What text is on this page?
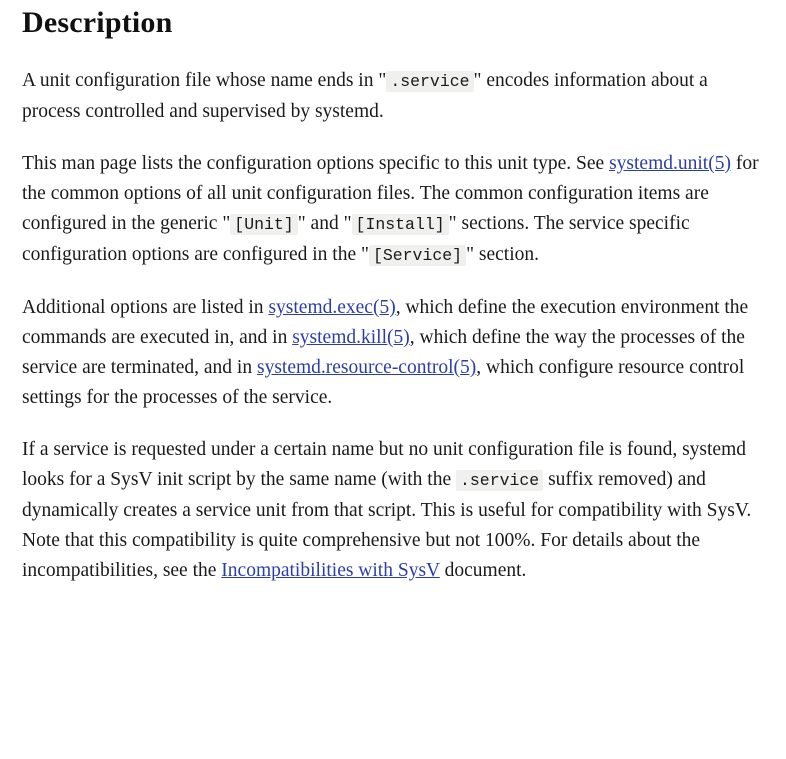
Description

A unit configuration file whose name ends in " .service " encodes information about a process controlled and supervised by systemd.

This man page lists the configuration options specific to this unit type. See systemd.unit(5) for the common options of all unit configuration files. The common configuration items are configured in the generic " [Unit] " and " [Install] " sections. The service specific configuration options are configured in the " [Service] " section.

Additional options are listed in systemd.exec(5), which define the execution environment the commands are executed in, and in systemd.kill(5), which define the way the processes of the service are terminated, and in systemd.resource-control(5), which configure resource control settings for the processes of the service.

If a service is requested under a certain name but no unit configuration file is found, systemd looks for a SysV init script by the same name (with the .service suffix removed) and dynamically creates a service unit from that script. This is useful for compatibility with SysV. Note that this compatibility is quite comprehensive but not 100%. For details about the incompatibilities, see the Incompatibilities with SysV document.
